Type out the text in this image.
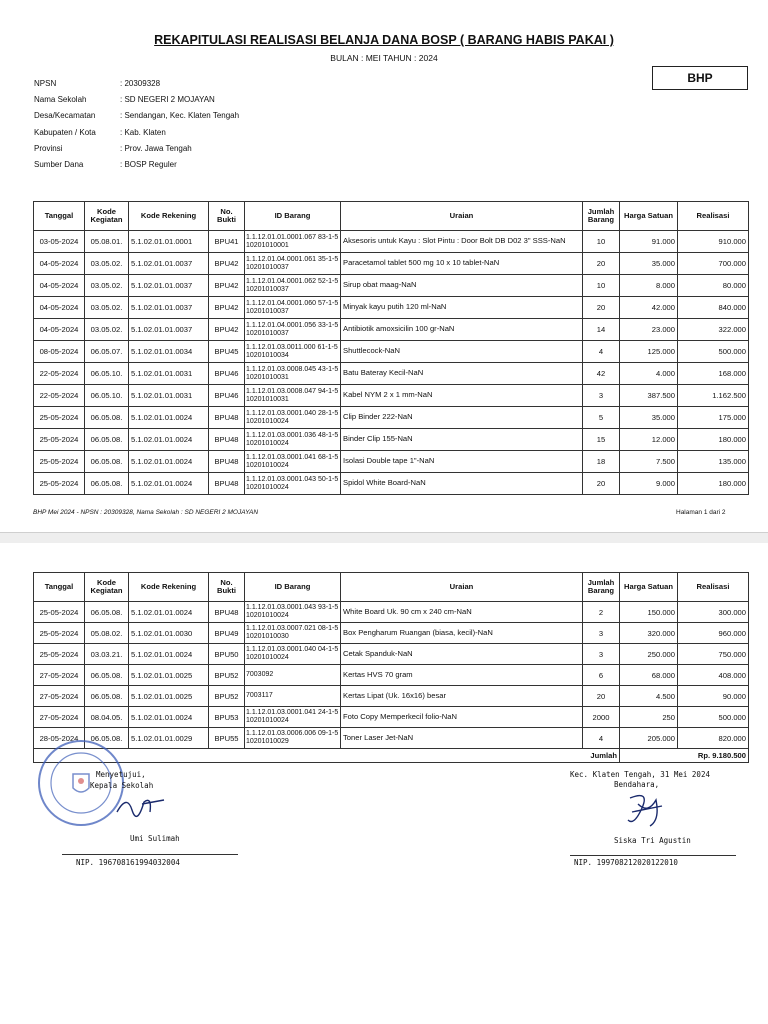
REKAPITULASI REALISASI BELANJA DANA BOSP ( BARANG HABIS PAKAI )
BULAN : MEI TAHUN : 2024
BHP
NPSN	: 20309328
Nama Sekolah	: SD NEGERI 2 MOJAYAN
Desa/Kecamatan	: Sendangan, Kec. Klaten Tengah
Kabupaten / Kota	: Kab. Klaten
Provinsi	: Prov. Jawa Tengah
Sumber Dana	: BOSP Reguler
Tanggal	Kode Kegiatan	Kode Rekening	No. Bukti	ID Barang	Uraian	Jumlah Barang	Harga Satuan	Realisasi
03-05-2024	05.08.01.	5.1.02.01.01.0001	BPU41	1.1.12.01.01.0001.067 83-1-510201010001	Aksesoris untuk Kayu : Slot Pintu : Door Bolt DB D02 3" SSS-NaN	10	91.000	910.000
04-05-2024	03.05.02.	5.1.02.01.01.0037	BPU42	1.1.12.01.04.0001.061 35-1-510201010037	Paracetamol tablet 500 mg 10 x 10 tablet-NaN	20	35.000	700.000
04-05-2024	03.05.02.	5.1.02.01.01.0037	BPU42	1.1.12.01.04.0001.062 52-1-510201010037	Sirup obat maag-NaN	10	8.000	80.000
04-05-2024	03.05.02.	5.1.02.01.01.0037	BPU42	1.1.12.01.04.0001.060 57-1-510201010037	Minyak kayu putih 120 ml-NaN	20	42.000	840.000
04-05-2024	03.05.02.	5.1.02.01.01.0037	BPU42	1.1.12.01.04.0001.056 33-1-510201010037	Antibiotik amoxsicilin 100 gr-NaN	14	23.000	322.000
08-05-2024	06.05.07.	5.1.02.01.01.0034	BPU45	1.1.12.01.03.0011.000 61-1-510201010034	Shuttlecock-NaN	4	125.000	500.000
22-05-2024	06.05.10.	5.1.02.01.01.0031	BPU46	1.1.12.01.03.0008.045 43-1-510201010031	Batu Bateray Kecil-NaN	42	4.000	168.000
22-05-2024	06.05.10.	5.1.02.01.01.0031	BPU46	1.1.12.01.03.0008.047 94-1-510201010031	Kabel NYM 2 x 1 mm-NaN	3	387.500	1.162.500
25-05-2024	06.05.08.	5.1.02.01.01.0024	BPU48	1.1.12.01.03.0001.040 28-1-510201010024	Clip Binder 222-NaN	5	35.000	175.000
25-05-2024	06.05.08.	5.1.02.01.01.0024	BPU48	1.1.12.01.03.0001.036 48-1-510201010024	Binder Clip 155-NaN	15	12.000	180.000
25-05-2024	06.05.08.	5.1.02.01.01.0024	BPU48	1.1.12.01.03.0001.041 68-1-510201010024	Isolasi Double tape 1"-NaN	18	7.500	135.000
25-05-2024	06.05.08.	5.1.02.01.01.0024	BPU48	1.1.12.01.03.0001.043 50-1-510201010024	Spidol White Board-NaN	20	9.000	180.000
BHP Mei 2024 - NPSN : 20309328, Nama Sekolah : SD NEGERI 2 MOJAYAN	Halaman 1 dari 2
Tanggal	Kode Kegiatan	Kode Rekening	No. Bukti	ID Barang	Uraian	Jumlah Barang	Harga Satuan	Realisasi
25-05-2024	06.05.08.	5.1.02.01.01.0024	BPU48	1.1.12.01.03.0001.043 93-1-510201010024	White Board Uk. 90 cm x 240 cm-NaN	2	150.000	300.000
25-05-2024	05.08.02.	5.1.02.01.01.0030	BPU49	1.1.12.01.03.0007.021 08-1-510201010030	Box Pengharum Ruangan (biasa, kecil)-NaN	3	320.000	960.000
25-05-2024	03.03.21.	5.1.02.01.01.0024	BPU50	1.1.12.01.03.0001.040 04-1-510201010024	Cetak Spanduk-NaN	3	250.000	750.000
27-05-2024	06.05.08.	5.1.02.01.01.0025	BPU52	7003092	Kertas HVS 70 gram	6	68.000	408.000
27-05-2024	06.05.08.	5.1.02.01.01.0025	BPU52	7003117	Kertas Lipat (Uk. 16x16) besar	20	4.500	90.000
27-05-2024	08.04.05.	5.1.02.01.01.0024	BPU53	1.1.12.01.03.0001.041 24-1-510201010024	Foto Copy Memperkecil folio-NaN	2000	250	500.000
28-05-2024	06.05.08.	5.1.02.01.01.0029	BPU55	1.1.12.01.03.0006.006 09-1-510201010029	Toner Laser Jet-NaN	4	205.000	820.000
Jumlah							Rp. 9.180.500	
Menyetujui,
Kepala Sekolah
Umi Sulimah
NIP. 196708161994032004
Kec. Klaten Tengah, 31 Mei 2024
Bendahara,
Siska Tri Agustin
NIP. 199708212020122010
